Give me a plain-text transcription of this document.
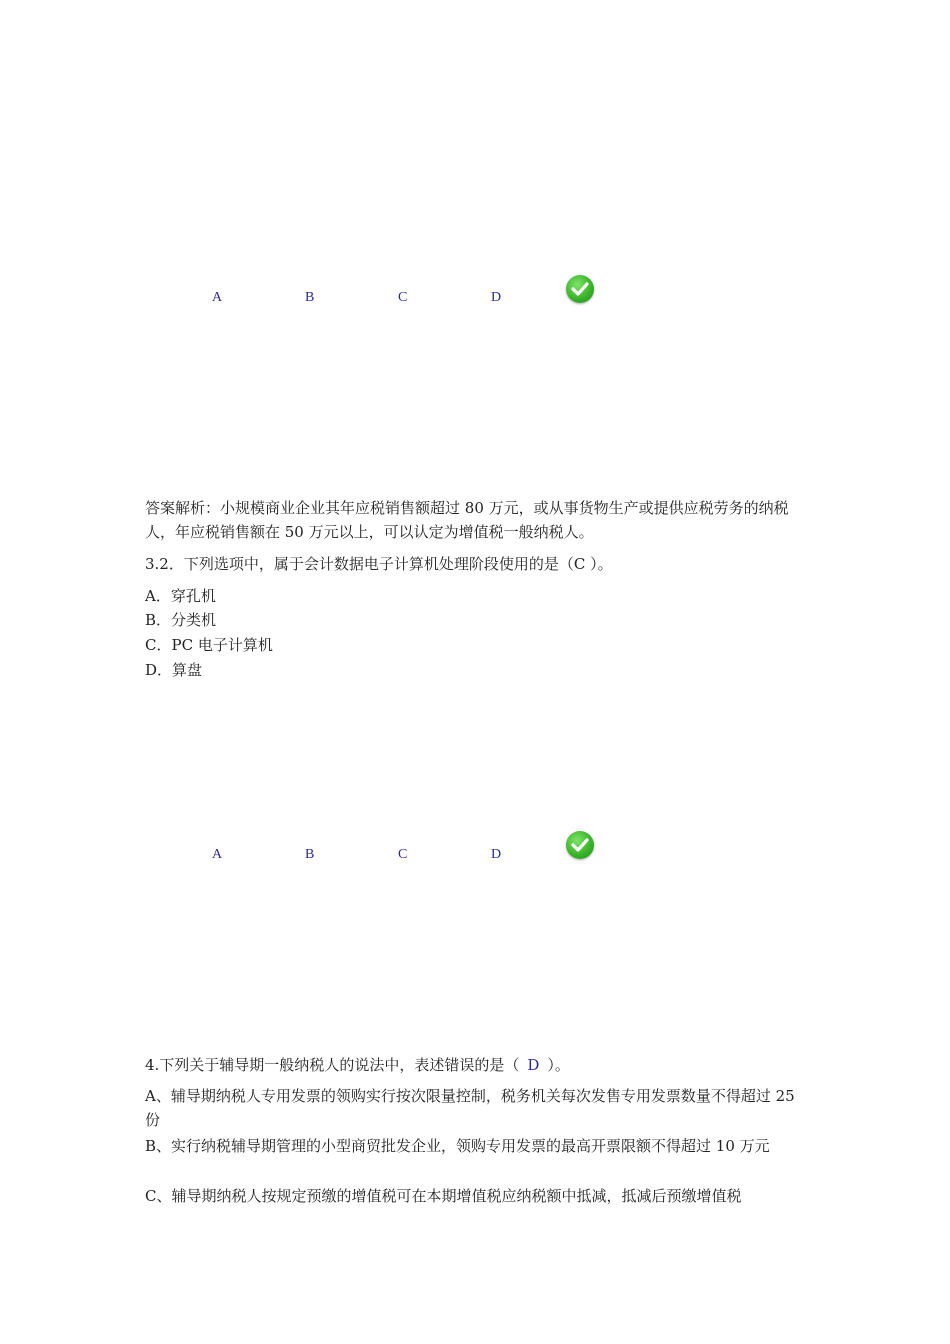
A	B	C	D

答案解析：小规模商业企业其年应税销售额超过 80 万元，或从事货物生产或提供应税劳务的纳税人，年应税销售额在 50 万元以上，可以认定为增值税一般纳税人。

3.2．下列选项中，属于会计数据电子计算机处理阶段使用的是（C ）。

A．穿孔机

B．分类机

C．PC 电子计算机

D．算盘

A	B	C	D

4.下列关于辅导期一般纳税人的说法中，表述错误的是（ D ）。

A、辅导期纳税人专用发票的领购实行按次限量控制，税务机关每次发售专用发票数量不得超过 25 份

B、实行纳税辅导期管理的小型商贸批发企业，领购专用发票的最高开票限额不得超过 10 万元

C、辅导期纳税人按规定预缴的增值税可在本期增值税应纳税额中抵减，抵减后预缴增值税
